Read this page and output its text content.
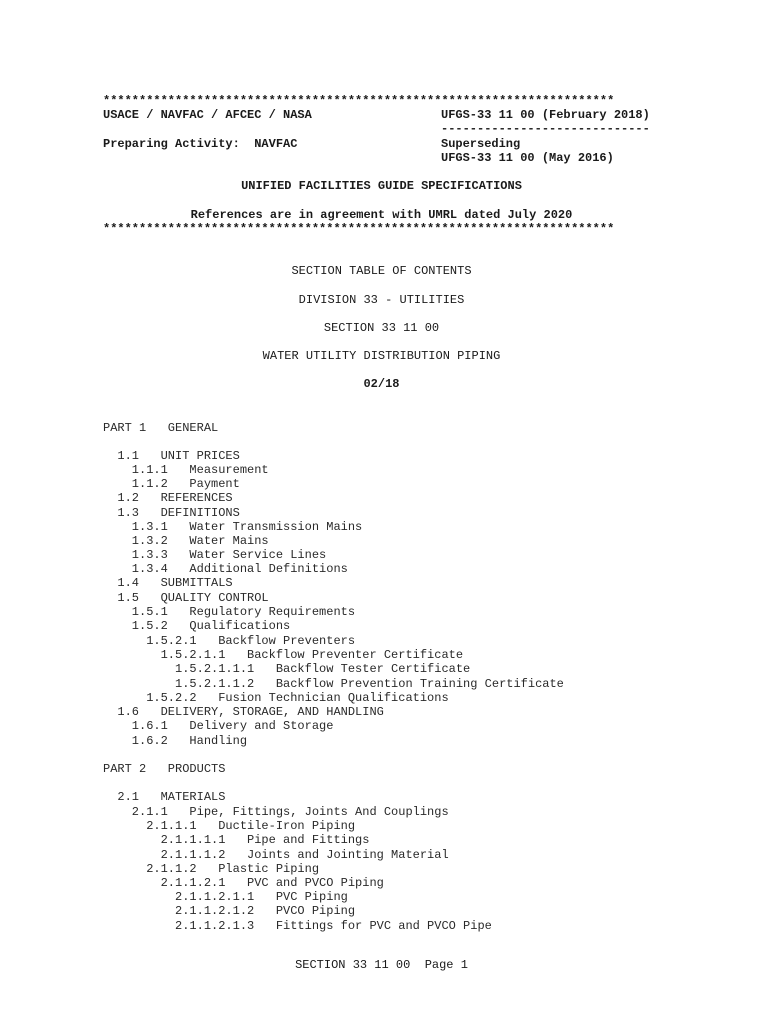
***********************************************************************
USACE / NAVFAC / AFCEC / NASA	UFGS-33 11 00 (February 2018)
-----------------------------
Preparing Activity:  NAVFAC	Superseding
UFGS-33 11 00 (May 2016)
UNIFIED FACILITIES GUIDE SPECIFICATIONS
References are in agreement with UMRL dated July 2020
***********************************************************************
SECTION TABLE OF CONTENTS
DIVISION 33 - UTILITIES
SECTION 33 11 00
WATER UTILITY DISTRIBUTION PIPING
02/18
PART 1   GENERAL
1.1   UNIT PRICES
1.1.1   Measurement
1.1.2   Payment
1.2   REFERENCES
1.3   DEFINITIONS
1.3.1   Water Transmission Mains
1.3.2   Water Mains
1.3.3   Water Service Lines
1.3.4   Additional Definitions
1.4   SUBMITTALS
1.5   QUALITY CONTROL
1.5.1   Regulatory Requirements
1.5.2   Qualifications
1.5.2.1   Backflow Preventers
1.5.2.1.1   Backflow Preventer Certificate
1.5.2.1.1.1   Backflow Tester Certificate
1.5.2.1.1.2   Backflow Prevention Training Certificate
1.5.2.2   Fusion Technician Qualifications
1.6   DELIVERY, STORAGE, AND HANDLING
1.6.1   Delivery and Storage
1.6.2   Handling
PART 2   PRODUCTS
2.1   MATERIALS
2.1.1   Pipe, Fittings, Joints And Couplings
2.1.1.1   Ductile-Iron Piping
2.1.1.1.1   Pipe and Fittings
2.1.1.1.2   Joints and Jointing Material
2.1.1.2   Plastic Piping
2.1.1.2.1   PVC and PVCO Piping
2.1.1.2.1.1   PVC Piping
2.1.1.2.1.2   PVCO Piping
2.1.1.2.1.3   Fittings for PVC and PVCO Pipe
SECTION 33 11 00  Page 1
